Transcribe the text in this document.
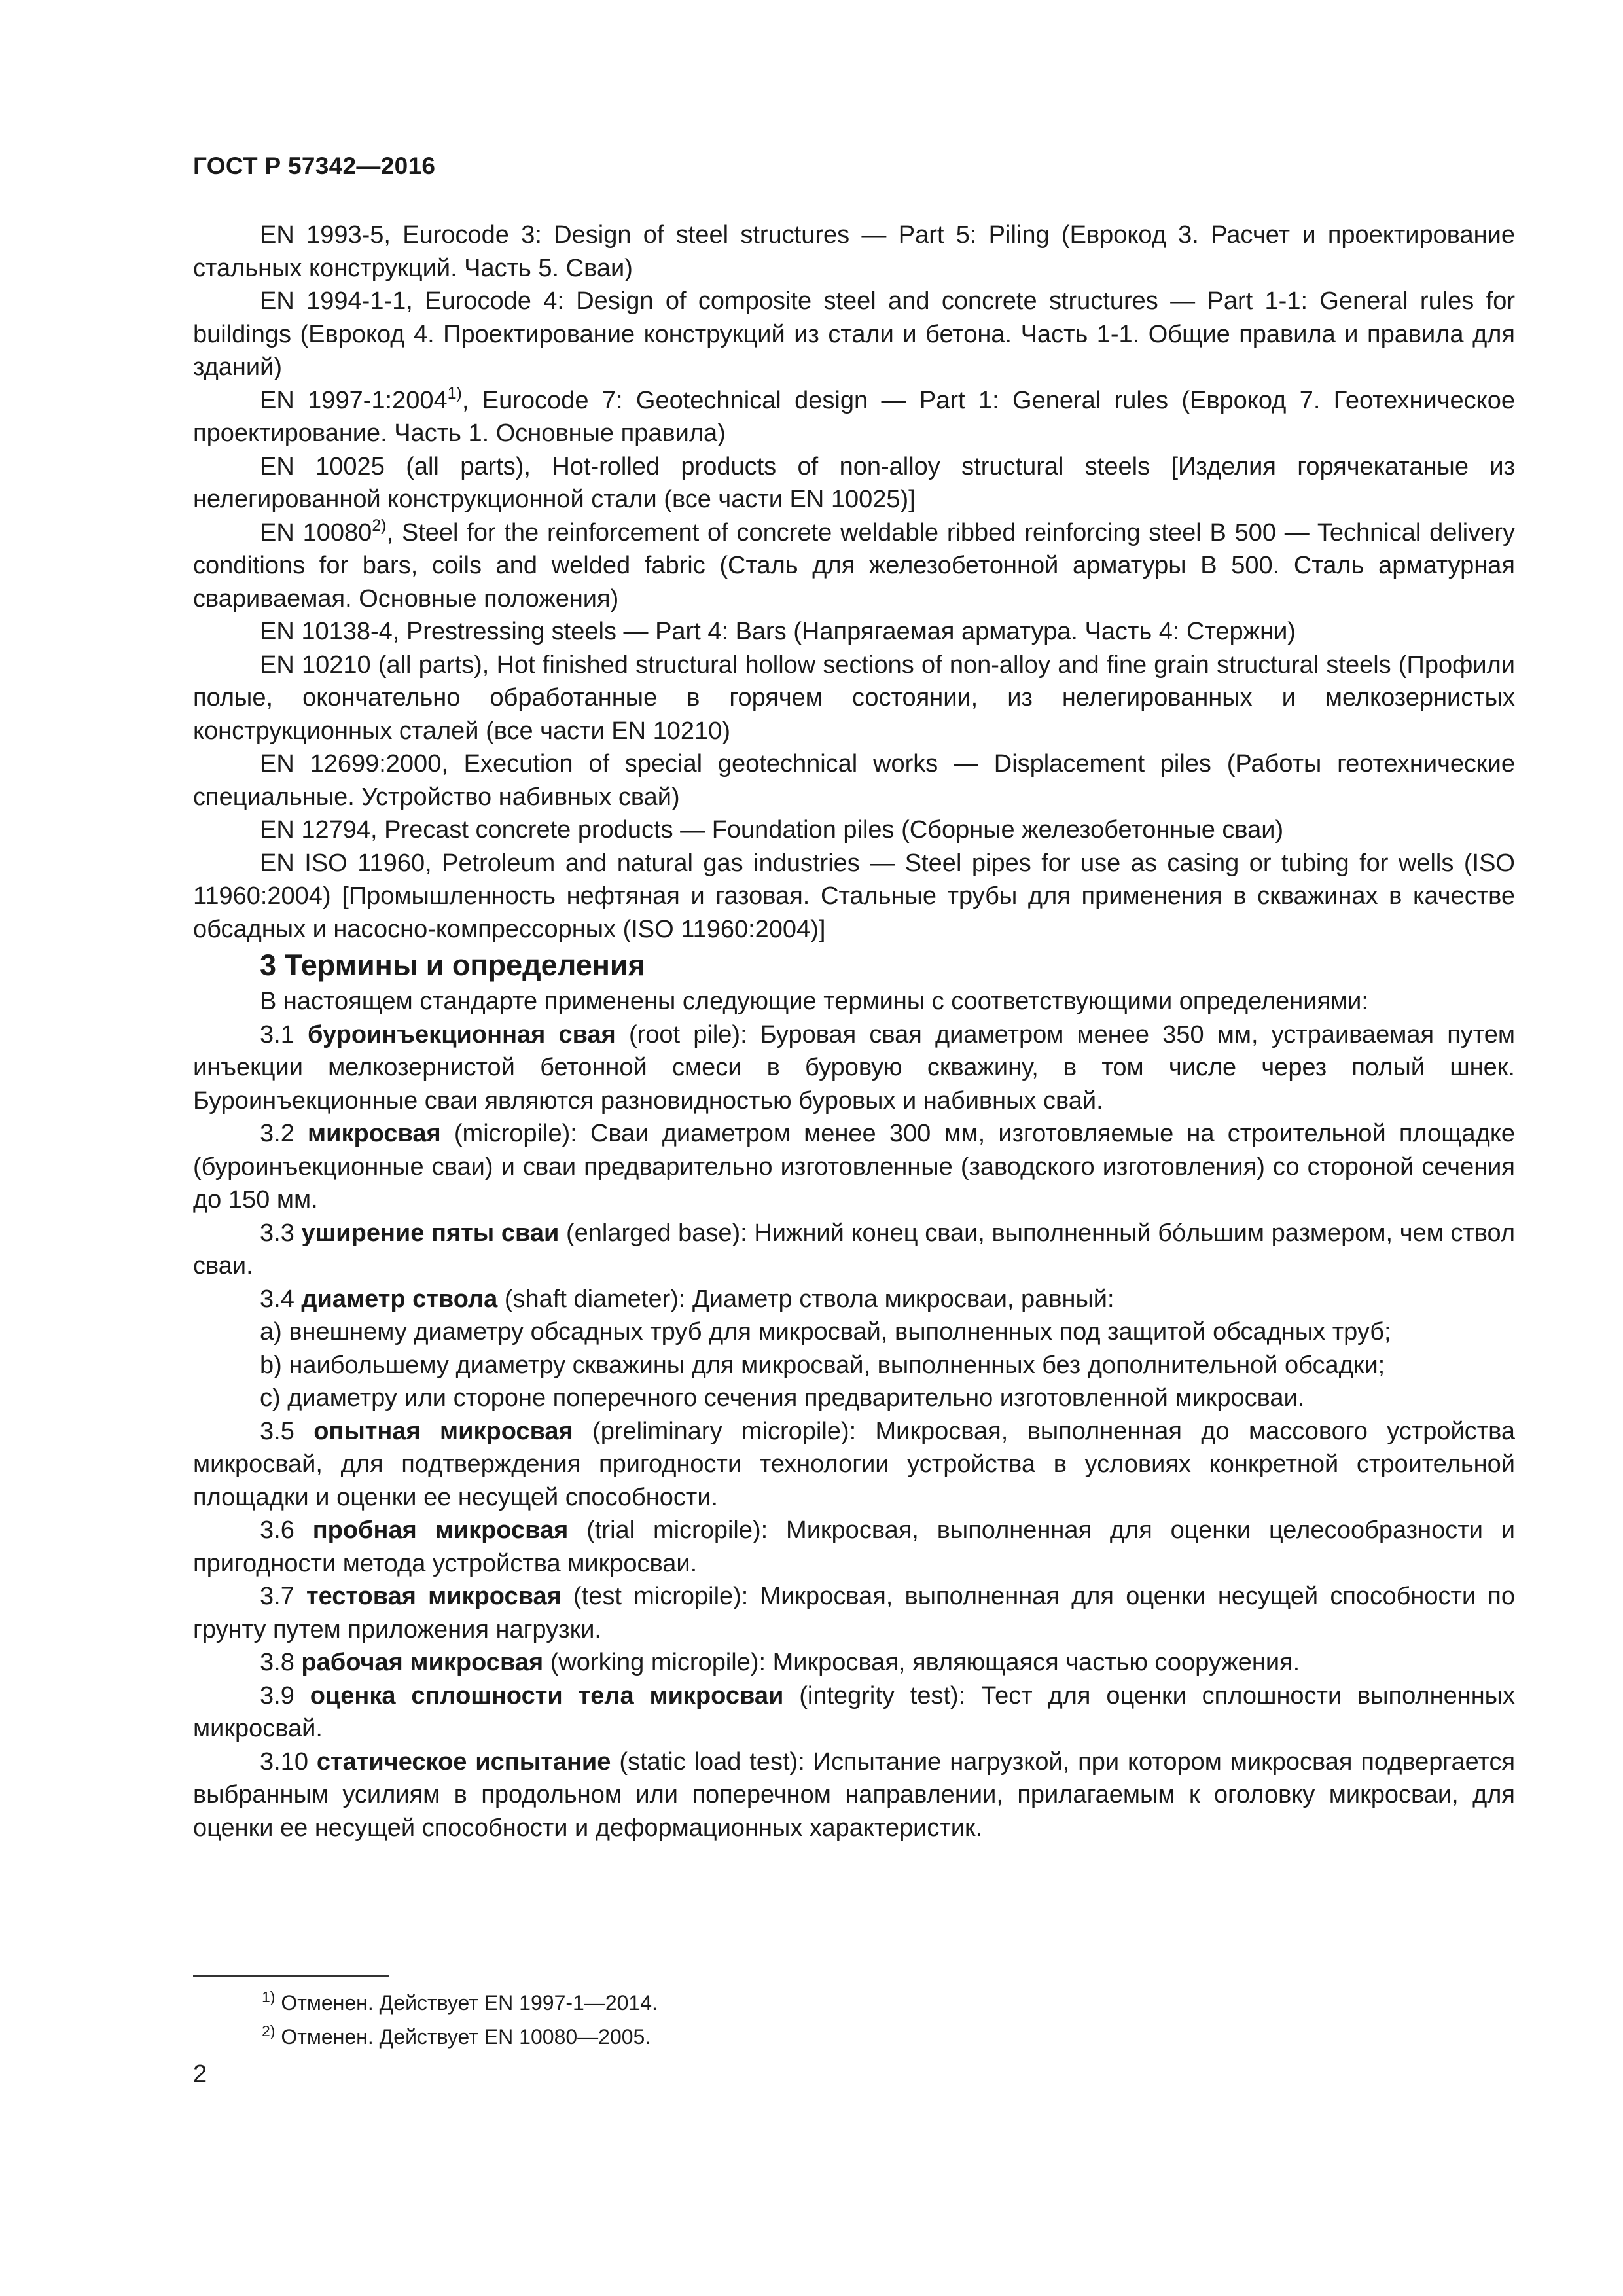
ГОСТ Р 57342—2016

EN 1993-5, Eurocode 3: Design of steel structures — Part 5: Piling (Еврокод 3. Расчет и проектирование стальных конструкций. Часть 5. Сваи)

EN 1994-1-1, Eurocode 4: Design of composite steel and concrete structures — Part 1-1: General rules for buildings (Еврокод 4. Проектирование конструкций из стали и бетона. Часть 1-1. Общие правила и правила для зданий)

EN 1997-1:2004$^{1)}$, Eurocode 7: Geotechnical design — Part 1: General rules (Еврокод 7. Геотехническое проектирование. Часть 1. Основные правила)

EN 10025 (all parts), Hot-rolled products of non-alloy structural steels [Изделия горячекатаные из нелегированной конструкционной стали (все части EN 10025)]

EN 10080$^{2)}$, Steel for the reinforcement of concrete weldable ribbed reinforcing steel B 500 — Technical delivery conditions for bars, coils and welded fabric (Сталь для железобетонной арматуры В 500. Сталь арматурная свариваемая. Основные положения)

EN 10138-4, Prestressing steels — Part 4: Bars (Напрягаемая арматура. Часть 4: Стержни)

EN 10210 (all parts), Hot finished structural hollow sections of non-alloy and fine grain structural steels (Профили полые, окончательно обработанные в горячем состоянии, из нелегированных и мелкозернистых конструкционных сталей (все части EN 10210)

EN 12699:2000, Execution of special geotechnical works — Displacement piles (Работы геотехнические специальные. Устройство набивных свай)

EN 12794, Precast concrete products — Foundation piles (Сборные железобетонные сваи)

EN ISO 11960, Petroleum and natural gas industries — Steel pipes for use as casing or tubing for wells (ISO 11960:2004) [Промышленность нефтяная и газовая. Стальные трубы для применения в скважинах в качестве обсадных и насосно-компрессорных (ISO 11960:2004)]

3 Термины и определения

В настоящем стандарте применены следующие термины с соответствующими определениями:

3.1 буроинъекционная свая (root pile): Буровая свая диаметром менее 350 мм, устраиваемая путем инъекции мелкозернистой бетонной смеси в буровую скважину, в том числе через полый шнек. Буроинъекционные сваи являются разновидностью буровых и набивных свай.

3.2 микросвая (micropile): Сваи диаметром менее 300 мм, изготовляемые на строительной площадке (буроинъекционные сваи) и сваи предварительно изготовленные (заводского изготовления) со стороной сечения до 150 мм.

3.3 уширение пяты сваи (enlarged base): Нижний конец сваи, выполненный бóльшим размером, чем ствол сваи.

3.4 диаметр ствола (shaft diameter): Диаметр ствола микросваи, равный:

a) внешнему диаметру обсадных труб для микросвай, выполненных под защитой обсадных труб;

b) наибольшему диаметру скважины для микросвай, выполненных без дополнительной обсадки;

c) диаметру или стороне поперечного сечения предварительно изготовленной микросваи.

3.5 опытная микросвая (preliminary micropile): Микросвая, выполненная до массового устройства микросвай, для подтверждения пригодности технологии устройства в условиях конкретной строительной площадки и оценки ее несущей способности.

3.6 пробная микросвая (trial micropile): Микросвая, выполненная для оценки целесообразности и пригодности метода устройства микросваи.

3.7 тестовая микросвая (test micropile): Микросвая, выполненная для оценки несущей способности по грунту путем приложения нагрузки.

3.8 рабочая микросвая (working micropile): Микросвая, являющаяся частью сооружения.

3.9 оценка сплошности тела микросваи (integrity test): Тест для оценки сплошности выполненных микросвай.

3.10 статическое испытание (static load test): Испытание нагрузкой, при котором микросвая подвергается выбранным усилиям в продольном или поперечном направлении, прилагаемым к оголовку микросваи, для оценки ее несущей способности и деформационных характеристик.

$^{1)}$ Отменен. Действует EN 1997-1—2014.
$^{2)}$ Отменен. Действует EN 10080—2005.
2
